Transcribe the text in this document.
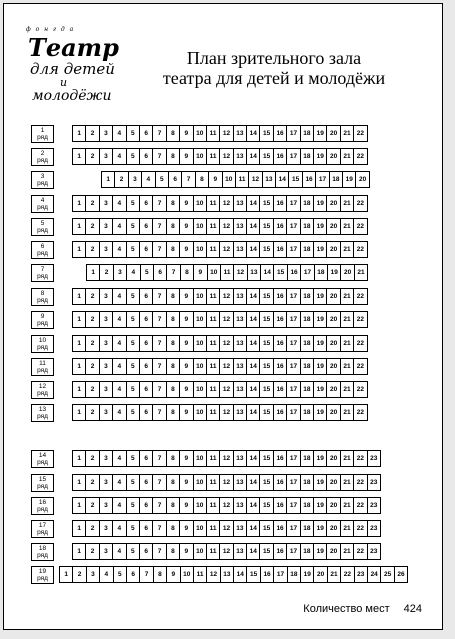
ф о н г д а
Театр
для детей
и
молодёжи
План зрительного зала
театра для детей и молодёжи
1
ряд
1	2	3	4	5	6	7	8	9	10 11 12 13 14 15 16 17 18 19 20 21 22
2
ряд
1	2	3	4	5	6	7	8	9	10 11 12 13 14 15 16 17 18 19 20 21 22
3
ряд
1	2	3	4	5	6	7	8	9	10 11 12 13 14 15 16 17 18 19 20
4
ряд
1	2	3	4	5	6	7	8	9	10 11 12 13 14 15 16 17 18 19 20 21 22
5
ряд
1	2	3	4	5	6	7	8	9	10 11 12 13 14 15 16 17 18 19 20 21 22
6
ряд
1	2	3	4	5	6	7	8	9	10 11 12 13 14 15 16 17 18 19 20 21 22
7
ряд
1	2	3	4	5	6	7	8	9	10 11 12 13 14 15 16 17 18 19 20 21
8
ряд
1	2	3	4	5	6	7	8	9	10 11 12 13 14 15 16 17 18 19 20 21 22
9
ряд
1	2	3	4	5	6	7	8	9	10 11 12 13 14 15 16 17 18 19 20 21 22
10
ряд
1	2	3	4	5	6	7	8	9	10 11 12 13 14 15 16 17 18 19 20 21 22
11
ряд
1	2	3	4	5	6	7	8	9	10 11 12 13 14 15 16 17 18 19 20 21 22
12
ряд
1	2	3	4	5	6	7	8	9	10 11 12 13 14 15 16 17 18 19 20 21 22
13
ряд
1	2	3	4	5	6	7	8	9	10 11 12 13 14 15 16 17 18 19 20 21 22
14
ряд
1	2	3	4	5	6	7	8	9	10 11 12 13 14 15 16 17 18 19 20 21 22 23
15
ряд
1	2	3	4	5	6	7	8	9	10 11 12 13 14 15 16 17 18 19 20 21 22 23
16
ряд
1	2	3	4	5	6	7	8	9	10 11 12 13 14 15 16 17 18 19 20 21 22 23
17
ряд
1	2	3	4	5	6	7	8	9	10 11 12 13 14 15 16 17 18 19 20 21 22 23
18
ряд
1	2	3	4	5	6	7	8	9	10 11 12 13 14 15 16 17 18 19 20 21 22 23
19
ряд
1	2	3	4	5	6	7	8	9	10 11 12 13 14 15 16 17 18 19 20 21 22 23 24 25 26
Количество мест 424
